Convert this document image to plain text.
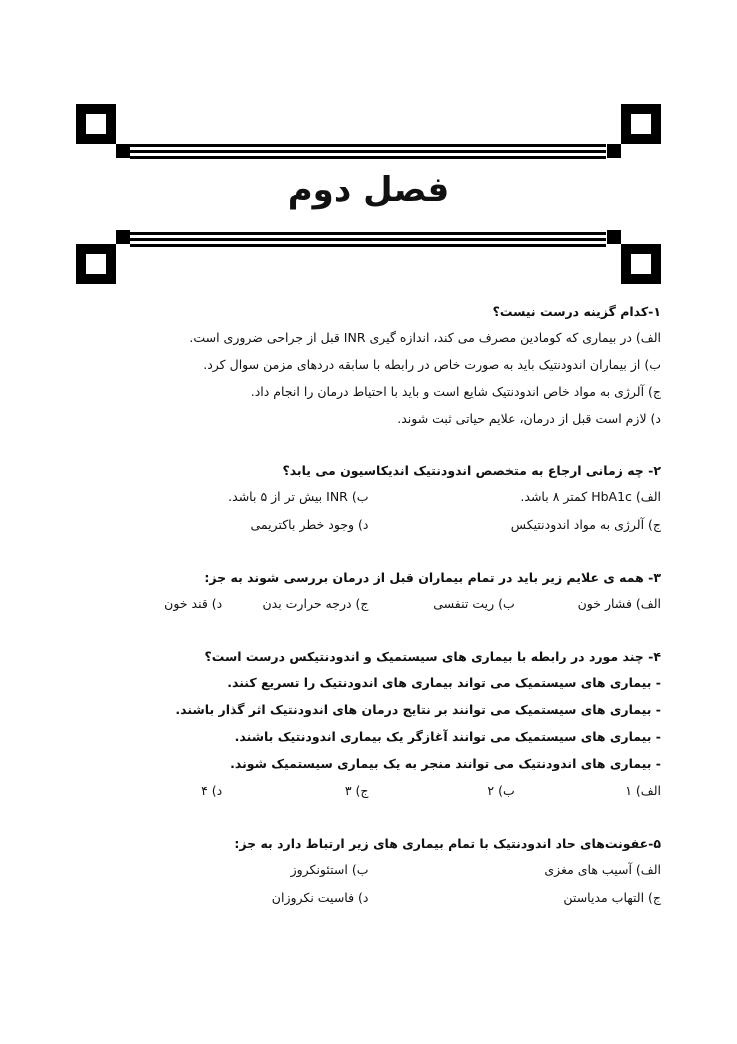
فصل دوم
۱-کدام گزینه درست نیست؟
الف) در بیماری که کومادین مصرف می کند، اندازه گیری INR قبل از جراحی ضروری است.
ب) از بیماران اندودنتیک باید به صورت خاص در رابطه با سابقه دردهای مزمن سوال کرد.
ج) آلرژی به مواد خاص اندودنتیک شایع است و باید با احتیاط درمان را انجام داد.
د) لازم است قبل از درمان، علایم حیاتی ثبت شوند.
۲- چه زمانی ارجاع به متخصص اندودنتیک اندیکاسیون می یابد؟
الف) HbA1c کمتر ۸ باشد.
ب) INR بیش تر از ۵ باشد.
ج) آلرژی به مواد اندودنتیکس
د) وجود خطر باکتریمی
۳- همه ی علایم زیر باید در تمام بیماران قبل از درمان بررسی شوند به جز:
الف) فشار خون
ب) ریت تنفسی
ج) درجه حرارت بدن
د) قند خون
۴- چند مورد در رابطه با بیماری های سیستمیک و اندودنتیکس درست است؟
- بیماری های سیستمیک می تواند بیماری های اندودنتیک را تسریع کنند.
- بیماری های سیستمیک می توانند بر نتایج درمان های اندودنتیک اثر گذار باشند.
- بیماری های سیستمیک می توانند آغازگر یک بیماری اندودنتیک باشند.
- بیماری های اندودنتیک می توانند منجر به یک بیماری سیستمیک شوند.
الف) ۱
ب) ۲
ج) ۳
د) ۴
۵-عفونت‌های حاد اندودنتیک با تمام بیماری های زیر ارتباط دارد به جز:
الف) آسیب های مغزی
ب) استئونکروز
ج) التهاب مدیاستن
د) فاسیت نکروزان
